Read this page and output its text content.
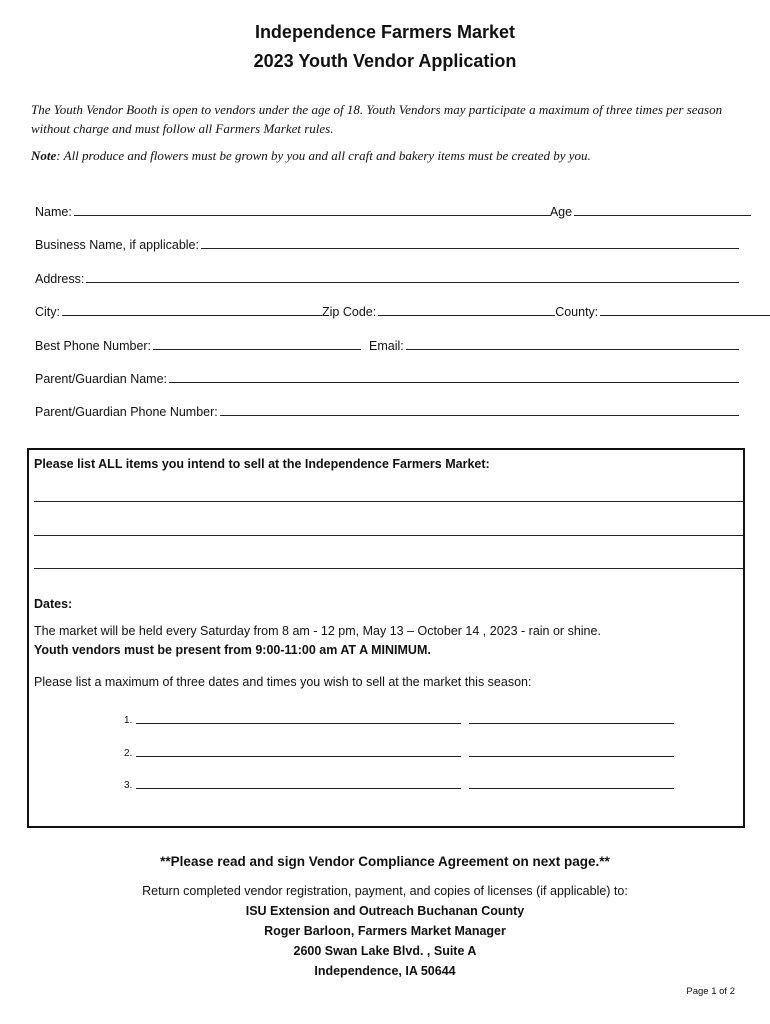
Independence Farmers Market
2023 Youth Vendor Application
The Youth Vendor Booth is open to vendors under the age of 18. Youth Vendors may participate a maximum of three times per season without charge and must follow all Farmers Market rules.
Note: All produce and flowers must be grown by you and all craft and bakery items must be created by you.
Name:	Age
Business Name, if applicable:
Address:
City:	Zip Code:	County:
Best Phone Number:	Email:
Parent/Guardian Name:
Parent/Guardian Phone Number:
Please list ALL items you intend to sell at the Independence Farmers Market:
Dates:
The market will be held every Saturday from 8 am - 12 pm, May 13 – October 14 , 2023 - rain or shine.
Youth vendors must be present from 9:00-11:00 am AT A MINIMUM.
Please list a maximum of three dates and times you wish to sell at the market this season:
1.
2.
3.
**Please read and sign Vendor Compliance Agreement on next page.**
Return completed vendor registration, payment, and copies of licenses (if applicable) to:
ISU Extension and Outreach Buchanan County
Roger Barloon, Farmers Market Manager
2600 Swan Lake Blvd. , Suite A
Independence, IA 50644
Page 1 of 2
